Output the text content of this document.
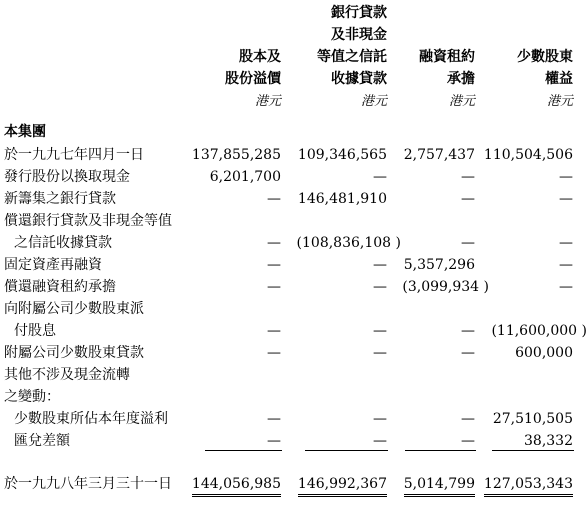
股本及
股份溢價
港元
銀行貸款
及非現金
等值之信託
收據貸款
港元
融資租約
承擔
港元
少數股東
權益
港元
本集團
於一九九七年四月一日
發行股份以換取現金
新籌集之銀行貸款
償還銀行貸款及非現金等值
之信託收據貸款
固定資產再融資
償還融資租約承擔
向附屬公司少數股東派
付股息
附屬公司少數股東貸款
其他不涉及現金流轉
之變動：
少數股東所佔本年度溢利
匯兌差額
於一九九八年三月三十一日
137,855,285
6,201,700
—
—
—
—
—
—
—
—
144,056,985
109,346,565
—
146,481,910
(108,836,108 )
—
—
—
—
—
—
146,992,367
2,757,437
—
—
—
5,357,296
(3,099,934 )
—
—
—
—
5,014,799
110,504,506
—
—
—
—
—
(11,600,000 )
600,000
27,510,505
38,332
127,053,343
